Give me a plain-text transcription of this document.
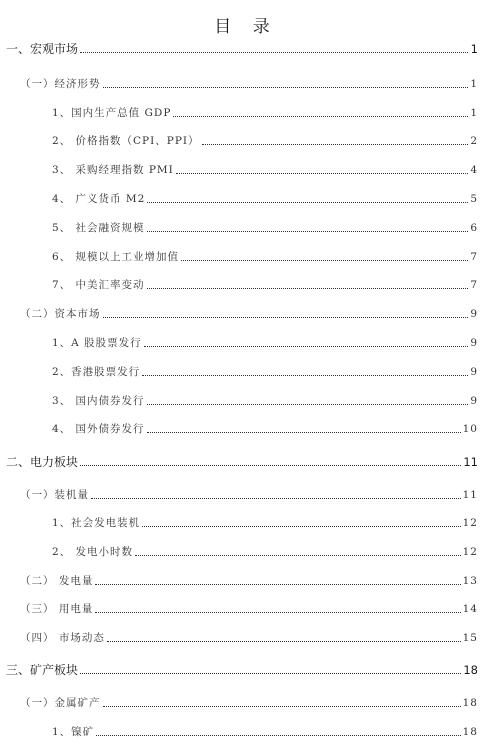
目 录
一、宏观市场	1
（一）经济形势	1
1、国内生产总值 GDP	1
2、 价格指数（CPI、PPI）	2
3、 采购经理指数 PMI	4
4、 广义货币 M2	5
5、 社会融资规模	6
6、 规模以上工业增加值	7
7、 中美汇率变动	7
（二）资本市场	9
1、A 股股票发行	9
2、香港股票发行	9
3、 国内债券发行	9
4、 国外债券发行	10
二、电力板块	11
（一）装机量	11
1、社会发电装机	12
2、 发电小时数	12
（二） 发电量	13
（三） 用电量	14
（四） 市场动态	15
三、矿产板块	18
（一）金属矿产	18
1、镍矿	18
